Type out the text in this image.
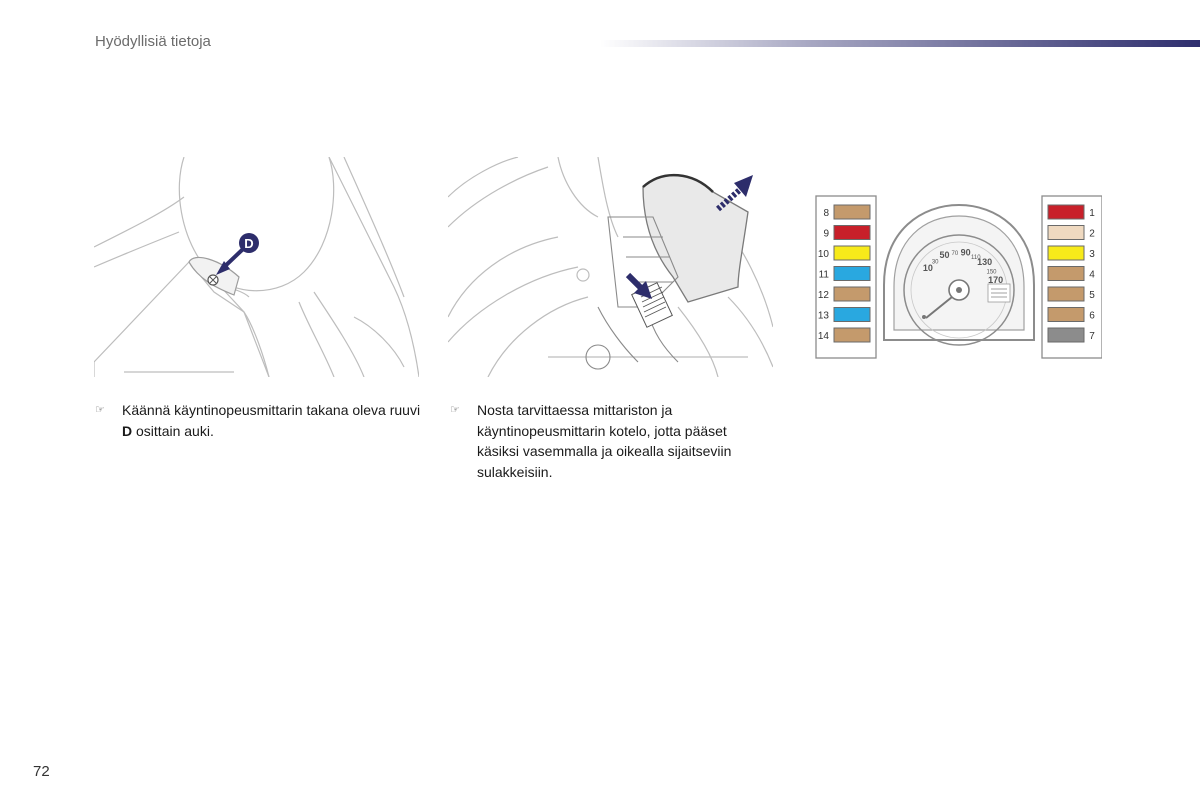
Hyödyllisiä tietoja
D
10
30
50 70 90
110
130
150
170
8
9
10
11
12
13
14
1
2
3
4
5
6
7
☞	Käännä käyntinopeusmittarin takana oleva ruuvi D osittain auki.
☞	Nosta tarvittaessa mittariston ja käyntinopeusmittarin kotelo, jotta pääset käsiksi vasemmalla ja oikealla sijaitseviin sulakkeisiin.
72
